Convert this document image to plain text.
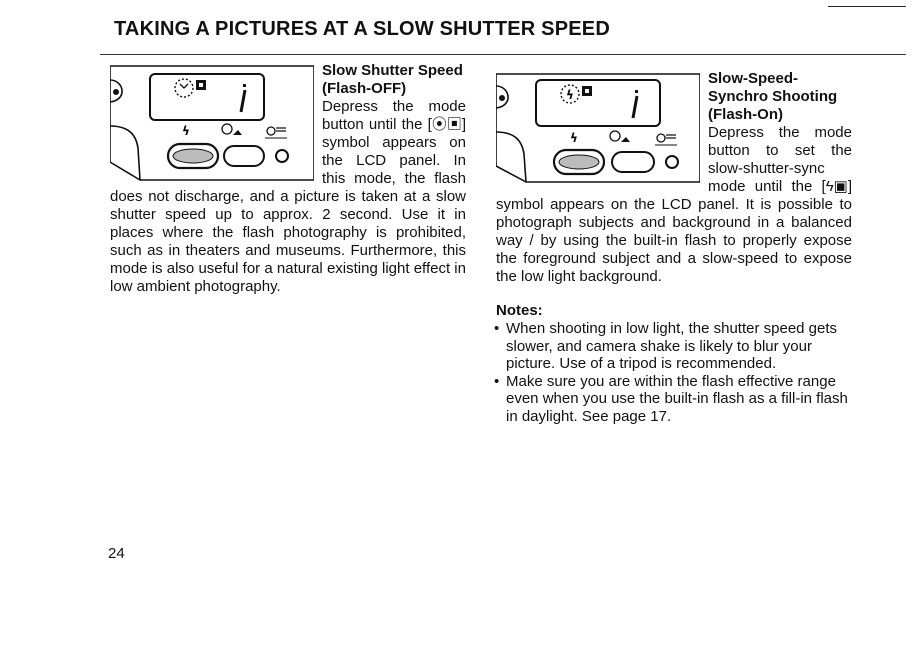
TAKING A PICTURES AT A SLOW SHUTTER SPEED
ϟ
Slow Shutter Speed (Flash-OFF)
Depress the mode button until the [⦿▣] symbol appears on the LCD panel. In this mode, the flash does not discharge, and a picture is taken at a slow shutter speed up to approx. 2 second. Use it in places where the flash photography is prohibited, such as in theaters and museums. Furthermore, this mode is also useful for a natural existing light effect in low ambient photography.
ϟ
ϟ
Slow-Speed-Synchro Shooting (Flash-On)
Depress the mode button to set the slow-shutter-sync mode until the [ϟ▣] symbol appears on the LCD panel. It is possible to photograph subjects and background in a balanced way / by using the built-in flash to properly expose the foreground subject and a slow-speed to expose the low light background.
Notes:
• When shooting in low light, the shutter speed gets slower, and camera shake is likely to blur your picture. Use of a tripod is recommended.
• Make sure you are within the flash effective range even when you use the built-in flash as a fill-in flash in daylight. See page 17.
24
